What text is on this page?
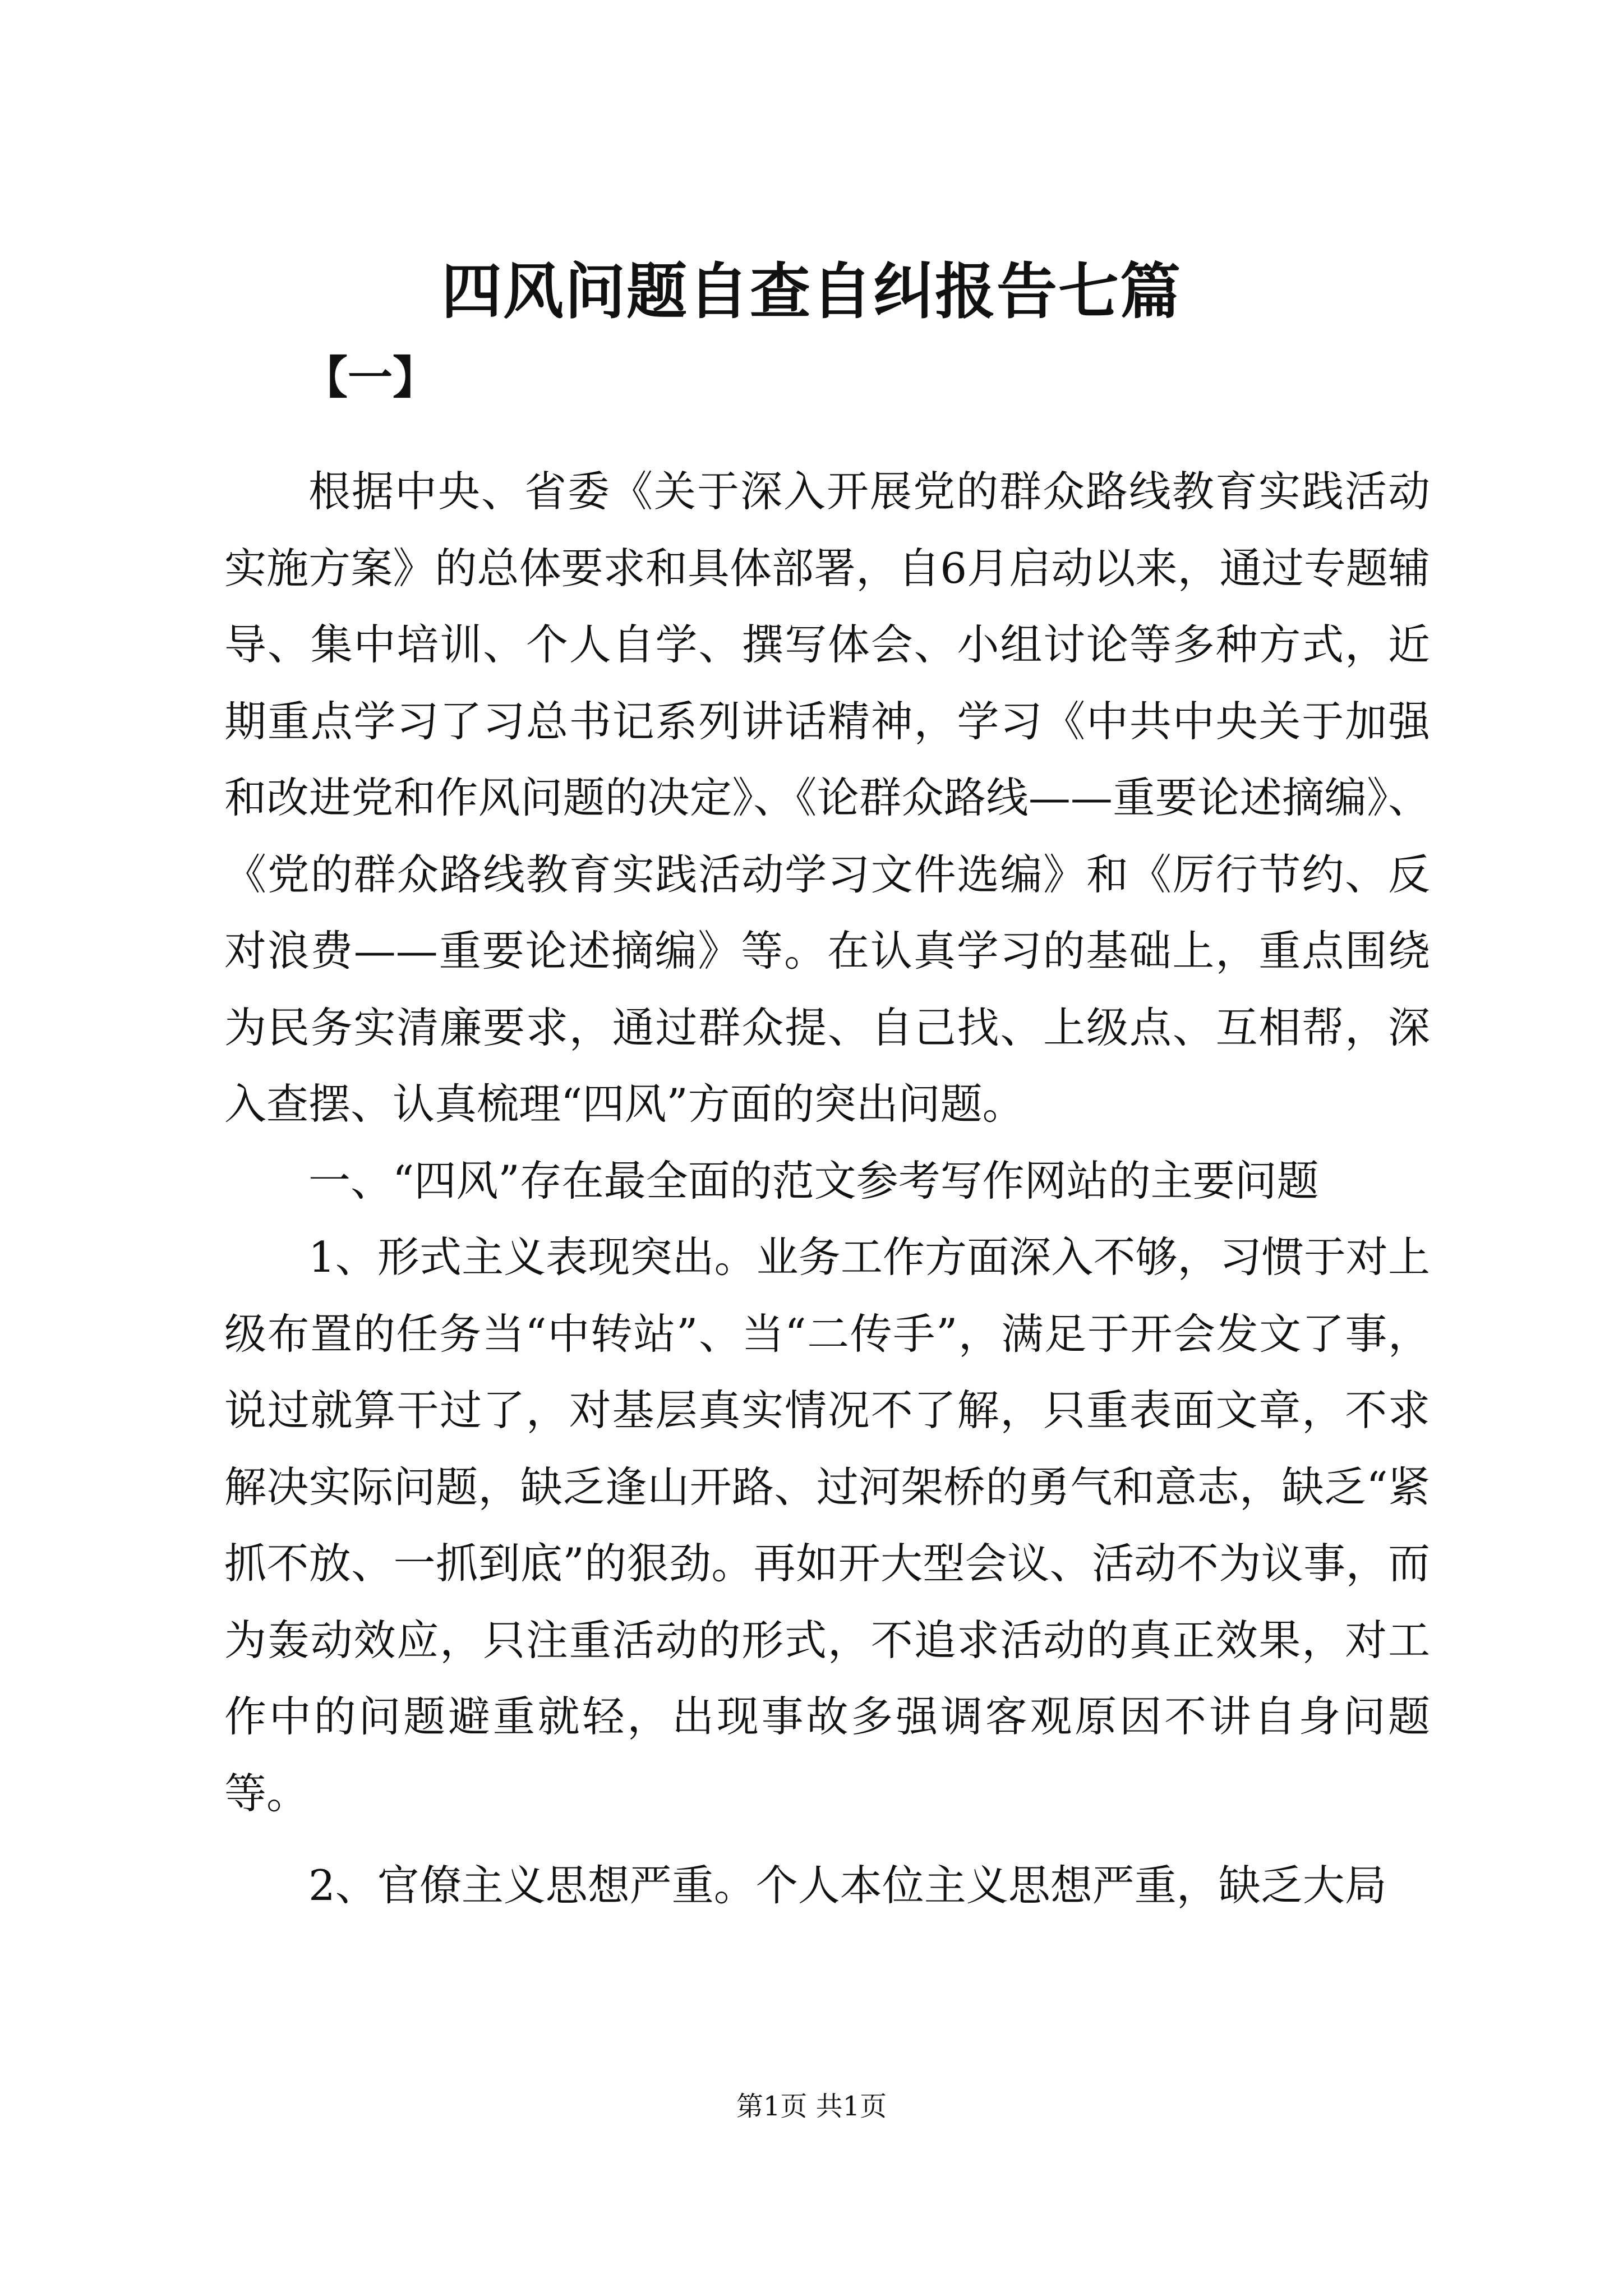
四风问题自查自纠报告七篇
【一】

根据中央、省委《关于深入开展党的群众路线教育实践活动实施方案》的总体要求和具体部署，自6月启动以来，通过专题辅导、集中培训、个人自学、撰写体会、小组讨论等多种方式，近期重点学习了习总书记系列讲话精神，学习《中共中央关于加强和改进党和作风问题的决定》、《论群众路线——重要论述摘编》、《党的群众路线教育实践活动学习文件选编》和《厉行节约、反对浪费——重要论述摘编》等。在认真学习的基础上，重点围绕为民务实清廉要求，通过群众提、自己找、上级点、互相帮，深入查摆、认真梳理“四风”方面的突出问题。

一、“四风”存在最全面的范文参考写作网站的主要问题

1、形式主义表现突出。业务工作方面深入不够，习惯于对上级布置的任务当“中转站”、当“二传手”，满足于开会发文了事，说过就算干过了，对基层真实情况不了解，只重表面文章，不求解决实际问题，缺乏逢山开路、过河架桥的勇气和意志，缺乏“紧抓不放、一抓到底”的狠劲。再如开大型会议、活动不为议事，而为轰动效应，只注重活动的形式，不追求活动的真正效果，对工作中的问题避重就轻，出现事故多强调客观原因不讲自身问题等。

2、官僚主义思想严重。个人本位主义思想严重，缺乏大局

第1页 共1页
